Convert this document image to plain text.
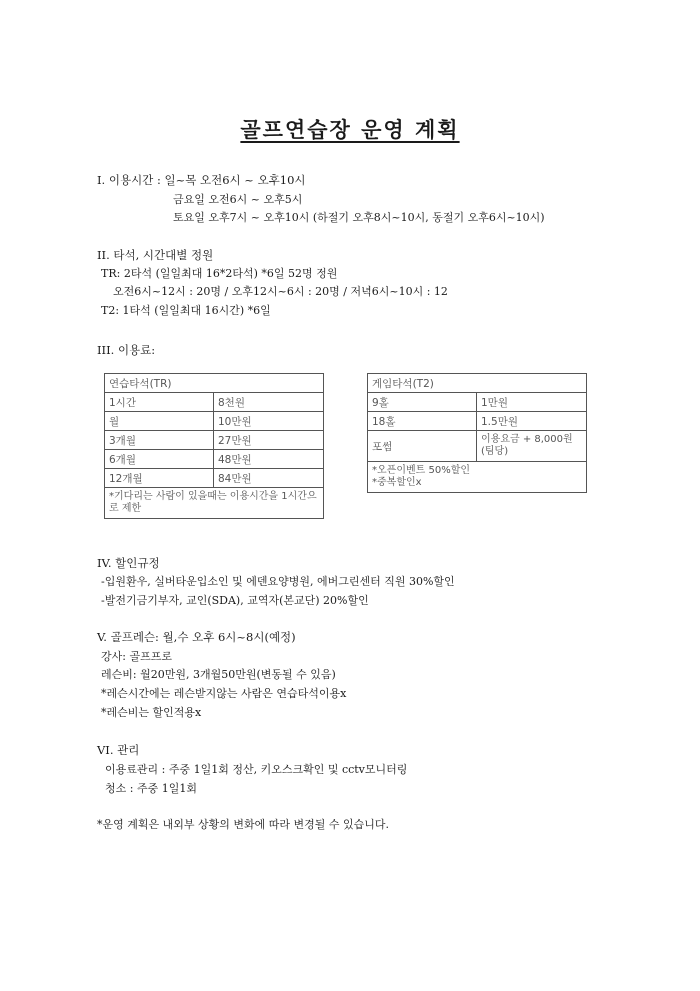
골프연습장 운영 계획
I. 이용시간 : 일~목 오전6시 ~ 오후10시
금요일 오전6시 ~ 오후5시
토요일 오후7시 ~ 오후10시 (하절기 오후8시~10시, 동절기 오후6시~10시)
II. 타석, 시간대별 정원
TR: 2타석 (일일최대 16*2타석) *6일 52명 정원
오전6시~12시 : 20명 / 오후12시~6시 : 20명 / 저녁6시~10시 : 12
T2: 1타석 (일일최대 16시간) *6일
III. 이용료:
연습타석(TR)	
1시간	8천원
월	10만원
3개월	27만원
6개월	48만원
12개월	84만원
*기다리는 사람이 있을때는 이용시간을 1시간으로 제한	
게임타석(T2)	
9홀	1만원
18홀	1.5만원
포썸	이용요금 + 8,000원(팀당)

*오픈이벤트 50%할인
*중복할인x	
IV. 할인규정
-입원환우, 실버타운입소인 및 에덴요양병원, 에버그린센터 직원 30%할인
-발전기금기부자, 교인(SDA), 교역자(본교단) 20%할인
V. 골프레슨: 월,수 오후 6시~8시(예정)
강사: 골프프로
레슨비: 월20만원, 3개월50만원(변동될 수 있음)
*레슨시간에는 레슨받지않는 사람은 연습타석이용x
*레슨비는 할인적용x
VI. 관리
이용료관리 : 주중 1일1회 정산, 키오스크확인 및 cctv모니터링
청소 : 주중 1일1회
*운영 계획은 내외부 상황의 변화에 따라 변경될 수 있습니다.
